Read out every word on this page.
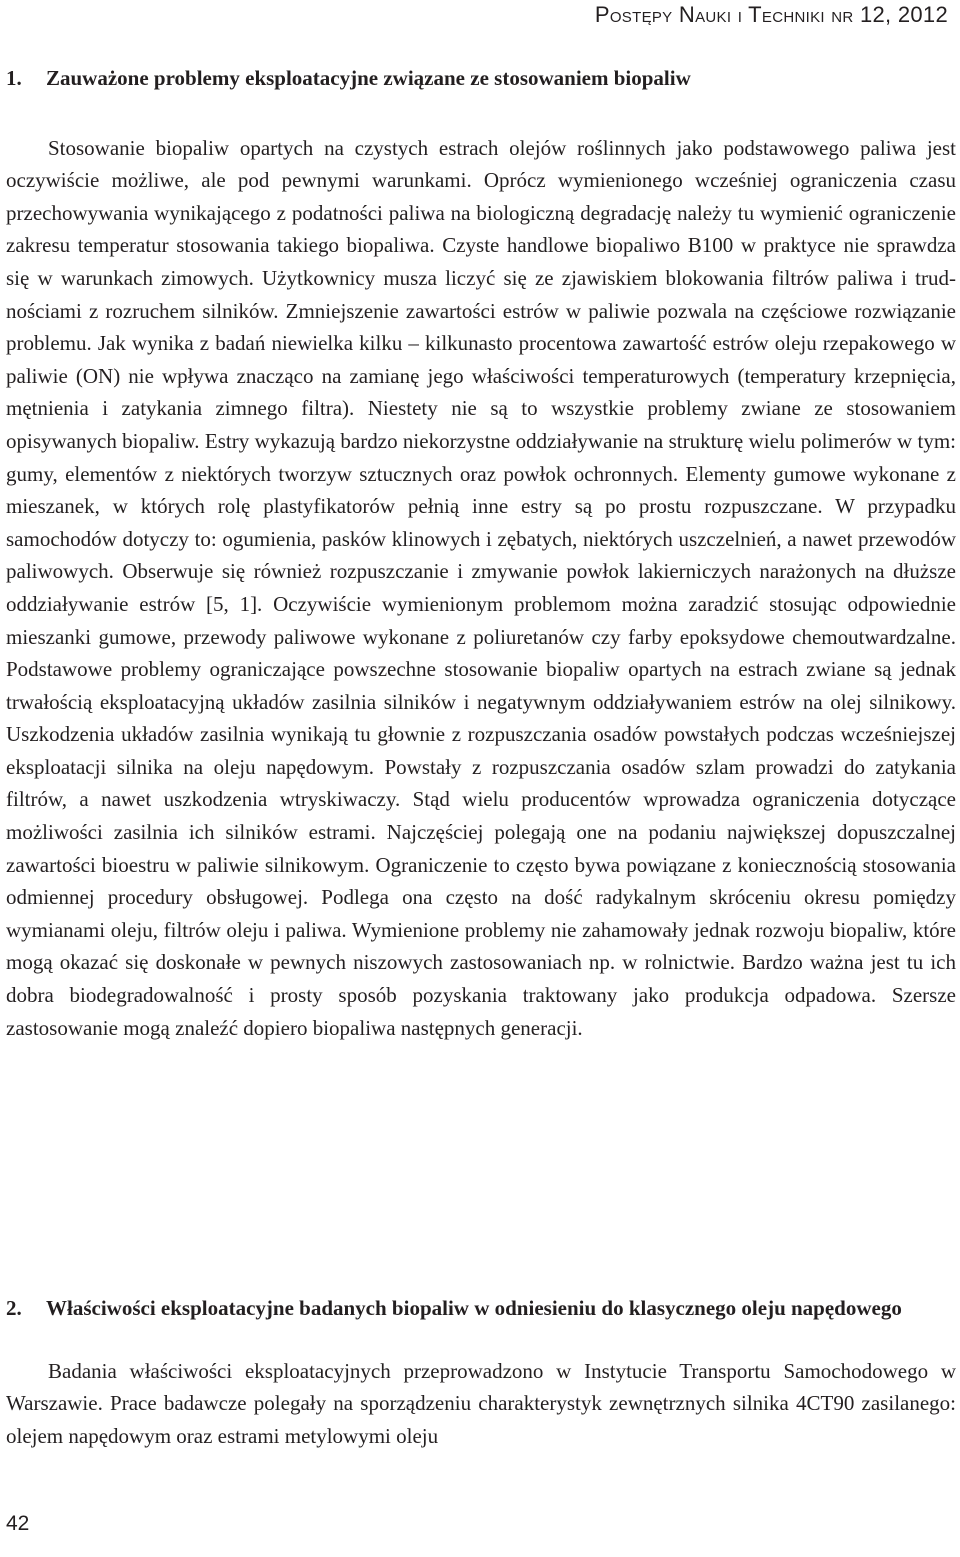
Postępy Nauki i Techniki nr 12, 2012
1.	Zauważone problemy eksploatacyjne związane ze stosowaniem biopaliw

Stosowanie biopaliw opartych na czystych estrach olejów roślinnych jako podstawowego paliwa jest oczywiście możliwe, ale pod pewnymi warunkami. Oprócz wymienionego wcześniej ograniczenia czasu przechowywania wynikającego z podatności paliwa na biologiczną degradację należy tu wymienić ograniczenie zakresu temperatur stosowania takiego biopaliwa. Czyste handlowe biopaliwo B100 w praktyce nie sprawdza się w warunkach zimowych. Użytkownicy musza liczyć się ze zjawiskiem blokowania filtrów paliwa i trudnościami z rozruchem silników. Zmniejszenie zawartości estrów w paliwie pozwala na częściowe rozwiązanie problemu. Jak wynika z badań niewielka kilku – kilkunasto procentowa zawartość estrów oleju rzepakowego w paliwie (ON) nie wpływa znacząco na zamianę jego właściwości temperaturowych (temperatury krzepnięcia, mętnienia i zatykania zimnego filtra). Niestety nie są to wszystkie problemy zwiane ze stosowaniem opisywanych biopaliw. Estry wykazują bardzo niekorzystne oddziaływanie na strukturę wielu polimerów w tym: gumy, elementów z niektórych tworzyw sztucznych oraz powłok ochronnych. Elementy gumowe wykonane z mieszanek, w których rolę plastyfikatorów pełnią inne estry są po prostu rozpuszczane. W przypadku samochodów dotyczy to: ogumienia, pasków klinowych i zębatych, niektórych uszczelnień, a nawet przewodów paliwowych. Obserwuje się również rozpuszczanie i zmywanie powłok lakierniczych narażonych na dłuższe oddziaływanie estrów [5, 1]. Oczywiście wymienionym problemom można zaradzić stosując odpowiednie mieszanki gumowe, przewody paliwowe wykonane z poliuretanów czy farby epoksydowe chemoutwardzalne. Podstawowe problemy ograniczające powszechne stosowanie biopaliw opartych na estrach zwiane są jednak trwałością eksploatacyjną układów zasilnia silników i negatywnym oddziaływaniem estrów na olej silnikowy. Uszkodzenia układów zasilnia wynikają tu głownie z rozpuszczania osadów powstałych podczas wcześniejszej eksploatacji silnika na oleju napędowym. Powstały z rozpuszczania osadów szlam prowadzi do zatykania filtrów, a nawet uszkodzenia wtryskiwaczy. Stąd wielu producentów wprowadza ograniczenia dotyczące możliwości zasilnia ich silników estrami. Najczęściej polegają one na podaniu największej dopuszczalnej zawartości bioestru w paliwie silnikowym. Ograniczenie to często bywa powiązane z koniecznością stosowania odmiennej procedury obsługowej. Podlega ona często na dość radykalnym skróceniu okresu pomiędzy wymianami oleju, filtrów oleju i paliwa. Wymienione problemy nie zahamowały jednak rozwoju biopaliw, które mogą okazać się doskonałe w pewnych niszowych zastosowaniach np. w rolnictwie. Bardzo ważna jest tu ich dobra biodegradowalność i prosty sposób pozyskania traktowany jako produkcja odpadowa. Szersze zastosowanie mogą znaleźć dopiero biopaliwa następnych generacji.

2.	Właściwości eksploatacyjne badanych biopaliw w odniesieniu do klasycznego oleju napędowego

Badania właściwości eksploatacyjnych przeprowadzono w Instytucie Transportu Samochodowego w Warszawie. Prace badawcze polegały na sporządzeniu charakterystyk zewnętrznych silnika 4CT90 zasilanego: olejem napędowym oraz estrami metylowymi oleju

42
